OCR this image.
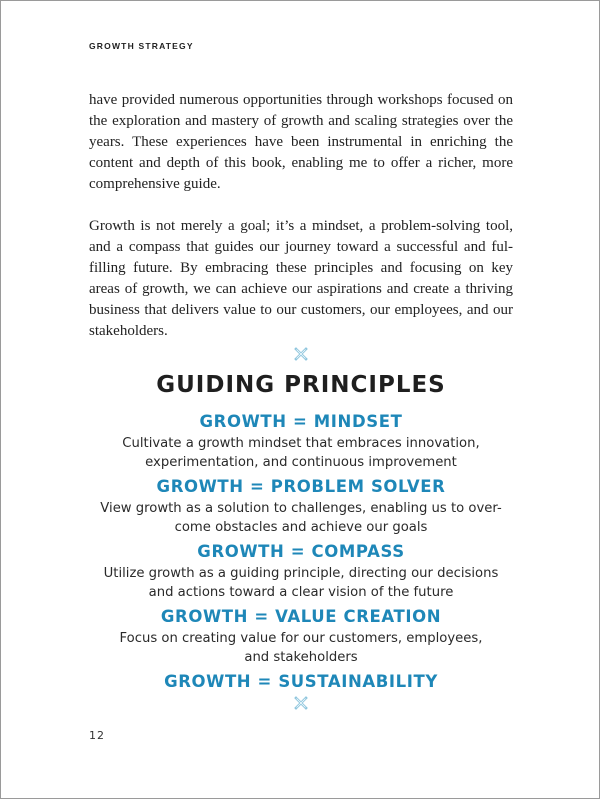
GROWTH STRATEGY

have provided numerous opportunities through workshops focused on the exploration and mastery of growth and scaling strategies over the years. These experiences have been instrumental in enriching the content and depth of this book, enabling me to offer a richer, more comprehensive guide.

Growth is not merely a goal; it’s a mindset, a problem-solving tool, and a compass that guides our journey toward a successful and fulfilling future. By embracing these principles and focusing on key areas of growth, we can achieve our aspirations and create a thriving business that delivers value to our customers, our employees, and our stakeholders.

GUIDING PRINCIPLES
GROWTH = MINDSET
Cultivate a growth mindset that embraces innovation,
experimentation, and continuous improvement
GROWTH = PROBLEM SOLVER
View growth as a solution to challenges, enabling us to over-
come obstacles and achieve our goals
GROWTH = COMPASS
Utilize growth as a guiding principle, directing our decisions
and actions toward a clear vision of the future
GROWTH = VALUE CREATION
Focus on creating value for our customers, employees,
and stakeholders
GROWTH = SUSTAINABILITY
12
